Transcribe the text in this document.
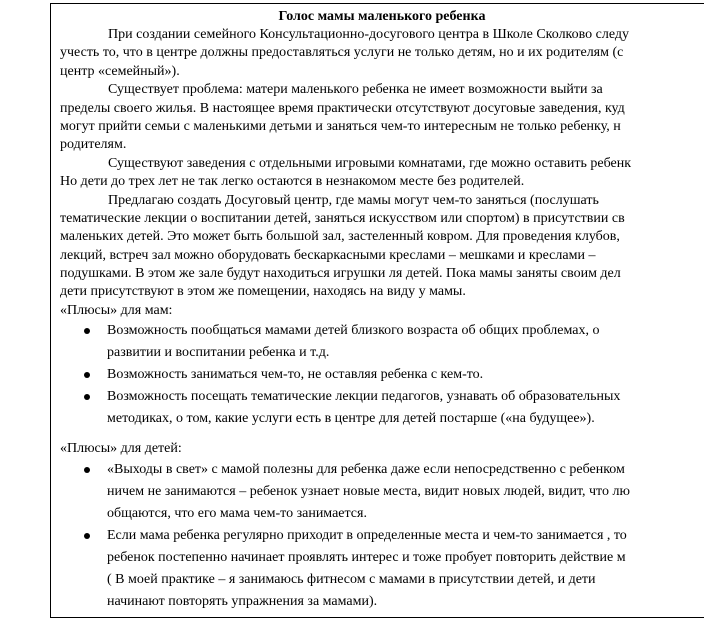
Голос мамы маленького ребенка
При создании семейного Консультационно-досугового центра в Школе Сколково следу
учесть то, что в центре должны предоставляться услуги не только детям, но и их родителям (с
центр «семейный»).
Существует проблема: матери маленького ребенка не имеет возможности выйти за
пределы своего жилья. В настоящее время практически отсутствуют досуговые заведения, куд
могут прийти семьи с маленькими детьми и заняться чем-то интересным не только ребенку, н
родителям.
Существуют заведения с отдельными игровыми комнатами, где можно оставить ребенк
Но дети до трех лет не так легко остаются в незнакомом месте без родителей.
Предлагаю создать Досуговый центр, где мамы могут чем-то заняться (послушать
тематические лекции о воспитании детей, заняться искусством или спортом) в присутствии св
маленьких детей. Это может быть большой зал, застеленный ковром. Для проведения клубов,
лекций, встреч зал можно оборудовать бескаркасными креслами – мешками и креслами –
подушками. В этом же зале будут находиться игрушки ля детей. Пока мамы заняты своим дел
дети присутствуют в этом же помещении, находясь на виду у мамы.
«Плюсы» для мам:
Возможность пообщаться мамами детей близкого возраста об общих проблемах, о
развитии и воспитании ребенка и т.д.
Возможность заниматься чем-то, не оставляя ребенка с кем-то.
Возможность посещать тематические лекции педагогов, узнавать об образовательных
методиках, о том, какие услуги есть в центре для детей постарше («на будущее»).
«Плюсы» для детей:
«Выходы в свет» с мамой полезны для ребенка даже если непосредственно с ребенком
ничем не занимаются – ребенок узнает новые места, видит новых людей, видит, что лю
общаются, что его мама чем-то занимается.
Если мама ребенка регулярно приходит в определенные места и чем-то занимается , то
ребенок постепенно начинает проявлять интерес и тоже пробует повторить действие м
( В моей практике – я занимаюсь фитнесом с мамами в присутствии детей, и дети
начинают повторять упражнения за мамами).
